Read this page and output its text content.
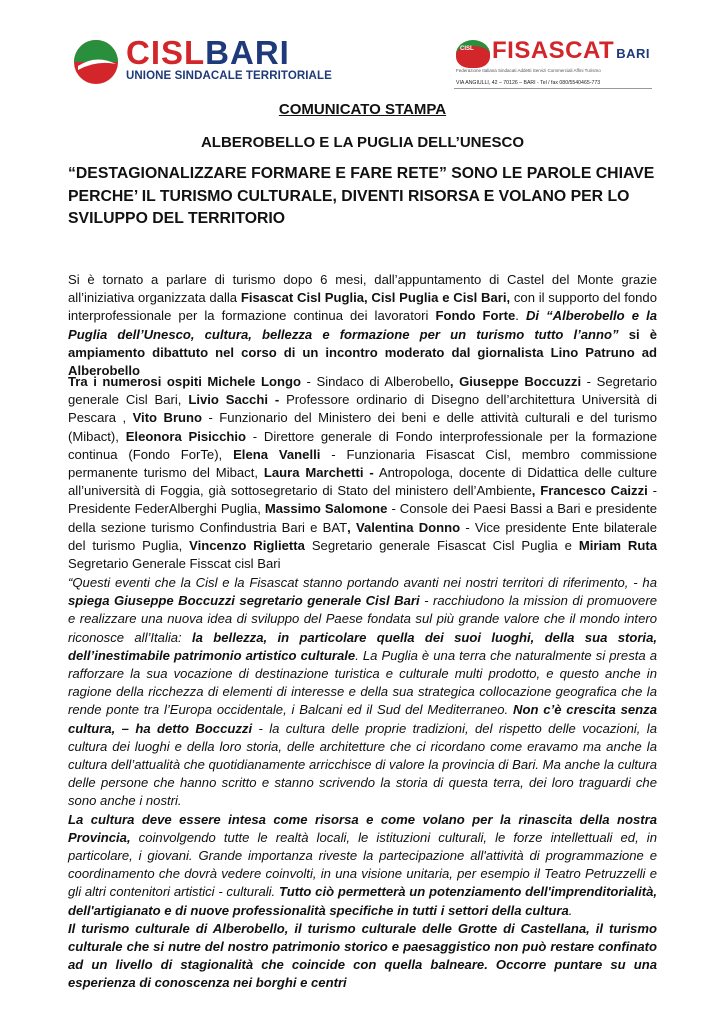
CISLBARI
UNIONE SINDACALE TERRITORIALE
CISL FISASCAT BARI
Federazione Italiana Sindacati Addetti Servizi Commerciali Affini Turismo
VIA ANGIULLI, 42 – 70126 – BARI - Tel / fax 080/5540465-773
COMUNICATO STAMPA
ALBEROBELLO E LA PUGLIA DELL’UNESCO
“DESTAGIONALIZZARE FORMARE E FARE RETE” SONO LE PAROLE CHIAVE PERCHE’ IL TURISMO CULTURALE, DIVENTI RISORSA E VOLANO PER LO SVILUPPO DEL TERRITORIO
Si è tornato a parlare di turismo dopo 6 mesi, dall’appuntamento di Castel del Monte grazie all’iniziativa organizzata dalla Fisascat Cisl Puglia, Cisl Puglia e Cisl Bari, con il supporto del fondo interprofessionale per la formazione continua dei lavoratori Fondo Forte. Di “Alberobello e la Puglia dell’Unesco, cultura, bellezza e formazione per un turismo tutto l’anno” si è ampiamento dibattuto nel corso di un incontro moderato dal giornalista Lino Patruno ad Alberobello
Tra i numerosi ospiti Michele Longo - Sindaco di Alberobello, Giuseppe Boccuzzi - Segretario generale Cisl Bari, Livio Sacchi - Professore ordinario di Disegno dell’architettura Università di Pescara , Vito Bruno - Funzionario del Ministero dei beni e delle attività culturali e del turismo (Mibact), Eleonora Pisicchio - Direttore generale di Fondo interprofessionale per la formazione continua (Fondo ForTe), Elena Vanelli - Funzionaria Fisascat Cisl, membro commissione permanente turismo del Mibact, Laura Marchetti - Antropologa, docente di Didattica delle culture all’università di Foggia, già sottosegretario di Stato del ministero dell’Ambiente, Francesco Caizzi - Presidente FederAlberghi Puglia, Massimo Salomone - Console dei Paesi Bassi a Bari e presidente della sezione turismo Confindustria Bari e BAT, Valentina Donno - Vice presidente Ente bilaterale del turismo Puglia, Vincenzo Riglietta Segretario generale Fisascat Cisl Puglia e Miriam Ruta Segretario Generale Fisscat cisl Bari
“Questi eventi che la Cisl e la Fisascat stanno portando avanti nei nostri territori di riferimento, - ha spiega Giuseppe Boccuzzi segretario generale Cisl Bari - racchiudono la mission di promuovere e realizzare una nuova idea di sviluppo del Paese fondata sul più grande valore che il mondo intero riconosce all’Italia: la bellezza, in particolare quella dei suoi luoghi, della sua storia, dell’inestimabile patrimonio artistico culturale. La Puglia è una terra che naturalmente si presta a rafforzare la sua vocazione di destinazione turistica e culturale multi prodotto, e questo anche in ragione della ricchezza di elementi di interesse e della sua strategica collocazione geografica che la rende ponte tra l’Europa occidentale, i Balcani ed il Sud del Mediterraneo. Non c’è crescita senza cultura, – ha detto Boccuzzi - la cultura delle proprie tradizioni, del rispetto delle vocazioni, la cultura dei luoghi e della loro storia, delle architetture che ci ricordano come eravamo ma anche la cultura dell’attualità che quotidianamente arricchisce di valore la provincia di Bari. Ma anche la cultura delle persone che hanno scritto e stanno scrivendo la storia di questa terra, dei loro traguardi che sono anche i nostri.
La cultura deve essere intesa come risorsa e come volano per la rinascita della nostra Provincia, coinvolgendo tutte le realtà locali, le istituzioni culturali, le forze intellettuali ed, in particolare, i giovani. Grande importanza riveste la partecipazione all'attività di programmazione e coordinamento che dovrà vedere coinvolti, in una visione unitaria, per esempio il Teatro Petruzzelli e gli altri contenitori artistici - culturali. Tutto ciò permetterà un potenziamento dell'imprenditorialità, dell'artigianato e di nuove professionalità specifiche in tutti i settori della cultura.
Il turismo culturale di Alberobello, il turismo culturale delle Grotte di Castellana, il turismo culturale che si nutre del nostro patrimonio storico e paesaggistico non può restare confinato ad un livello di stagionalità che coincide con quella balneare. Occorre puntare su una esperienza di conoscenza nei borghi e centri
